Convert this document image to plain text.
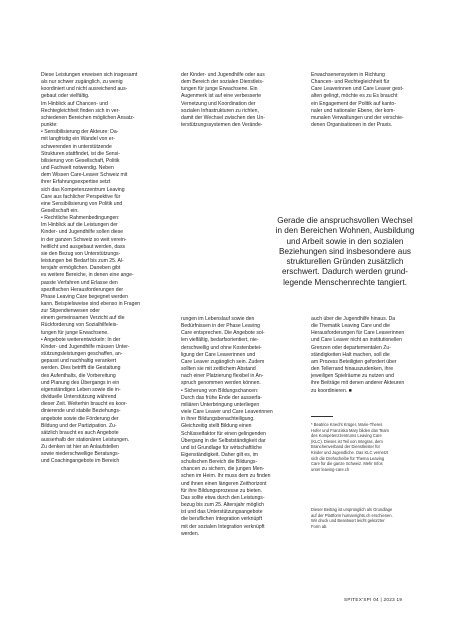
Diese Leistungen erweisen sich insgesamt

als nur schwer zugänglich, zu wenig

koordiniert und nicht ausreichend aus-

gebaut oder vielfältig.

Im Hinblick auf Chancen- und

Rechtegleichheit finden sich in ver-

schiedenen Bereichen möglichen Ansatz-

punkte:

• Sensibilisierung der Akteure: Da-

mit langfristig ein Wandel von er-

schwerenden in unterstützende

Strukturen stattfindet, ist die Sensi-

bilisierung von Gesellschaft, Politik

und Fachwelt notwendig. Neben

dem Wissen Care-Leaver Schweiz mit

ihrer Erfahrungsexpertise setzt

sich das Kompetenzzentrum Leaving

Care aus fachlicher Perspektive für

eine Sensibilisierung von Politik und

Gesellschaft ein.

• Rechtliche Rahmenbedingungen:

Im Hinblick auf die Leistungen der

Kinder- und Jugendhilfe sollen diese

in der ganzen Schweiz so weit verein-

heitlicht und ausgebaut werden, dass

sie den Bezug von Unterstützungs-

leistungen bei Bedarf bis zum 25. Al-

tersjahr ermöglichen. Daneben gibt

es weitere Bereiche, in denen eine ange-

passte Verfahren und Erlasse den

spezifischen Herausforderungen der

Phase Leaving Care begegnet werden

kann. Beispielsweise sind ebenso in Fragen

zur Stipendienwesen oder

einem gemeinsamen Verzicht auf die

Rückforderung von Sozialhilfeleis-

tungen für junge Erwachsene.

• Angebote weiterentwickeln: In der

Kinder- und Jugendhilfe müssen Unter-

stützungsleistungen geschaffen, an-

gepasst und nachhaltig verankert

werden. Dies betrifft die Gestaltung

des Aufenthalts, die Vorbereitung

und Planung des Übergangs in ein

eigenständiges Leben sowie die in-

dividuelle Unterstützung während

dieser Zeit. Weiterhin braucht es koor-

dinierende und stabile Beziehungs-

angebote sowie die Förderung der

Bildung und der Partizipation. Zu-

sätzlich braucht es auch Angebote

ausserhalb der stationären Leistungen.

Zu denken ist hier an Anlaufstellen

sowie niederschwellige Beratungs-

und Coachingangebote im Bereich

der Kinder- und Jugendhilfe oder aus

dem Bereich der sozialen Dienstleis-

tungen für junge Erwachsene. Ein

Augenmerk ist auf eine verbesserte

Vernetzung und Koordination der

sozialen Infrastrukturen zu richten,

damit der Wechsel zwischen den Un-

terstützungssystemen den Verände-

Erwachsenensystem in Richtung

Chancen- und Rechtegleichheit für

Care Leaverinnen und Care Leaver gest-

alten gelingt, möchte es zu Es braucht

ein Engagement der Politik auf kanto-

naler und nationaler Ebene, der kom-

munalen Verwaltungen und der verschie-

denen Organisationen in der Praxis.

Gerade die anspruchsvollen Wechsel

in den Bereichen Wohnen, Ausbildung

und Arbeit sowie in den sozialen

Beziehungen sind insbesondere aus

strukturellen Gründen zusätzlich

erschwert. Dadurch werden grund-

legende Menschenrechte tangiert.

rungen im Lebenslauf sowie den

Bedürfnissen in der Phase Leaving

Care entsprechen. Die Angebote sol-

len vielfältig, bedarfsorientiert, nie-

derschwellig und ohne Kostenbetei-

ligung der Care Leaverinnen und

Care Leaver zugänglich sein. Zudem

sollten sie mit zeitlichem Abstand

nach einer Platzierung flexibel in An-

spruch genommen werden können.

• Sicherung von Bildungschancen:

Durch das frühe Ende der ausserfa-

miliären Unterbringung unterliegen

viele Care Leaver und Care Leaverinnen

in ihrer Bildungsbenachteiligung.

Gleichzeitig stellt Bildung einen

Schlüsselfaktor für einen gelingenden

Übergang in die Selbstständigkeit dar

und ist Grundlage für wirtschaftliche

Eigenständigkeit. Daher gilt es, im

schulischen Bereich die Bildungs-

chancen zu sichern, die jungen Men-

schen im Heim. Ihr muss dem zu finden

und ihnen einen längeren Zeithorizont

für ihre Bildungsprozesse zu bieten.

Das sollte etwa durch den Leistungs-

bezug bis zum 25. Altersjahr möglich

ist und das Unterstützungsangebote

die beruflichen Integration verknüpft

mit der sozialen Integration verknüpft

werden.

auch über die Jugendhilfe hinaus. Da

die Thematik Leaving Care und die

Herausforderungen für Care Leaverinnen

und Care Leaver nicht an institutionellen

Grenzen oder departementalen Zu-

ständigkeiten Halt machen, soll die

am Prozess Beteiligten gefordert über

den Tellerrand hinauszudenken, ihre

jeweiligen Spielräume zu nutzen und

ihre Beiträge mit denen anderer Akteuren

zu koordinieren. ■

* Beatrice Knecht Krüger, Marie-Theres

Hofer und Franziska Mary bilden das Team

des Kompetenzzentrums Leaving Care

(KLC). Dieses ist Teil von Integras, dem

Branchenverband der Dienstleister für

Kinder und Jugendliche. Das KLC vernetzt

sich die Drehscheibe für Thema Leaving

Care für die ganze Schweiz. Mehr Infos

unter leaving-care.ch

Dieser Beitrag ist ursprünglich als Grundlage

auf der Plattform humanrights.ch erschienen.

Wir druck und Beantwort leicht gekürzter

Form ab.

SPITEX'SPI 04 | 2023 19
